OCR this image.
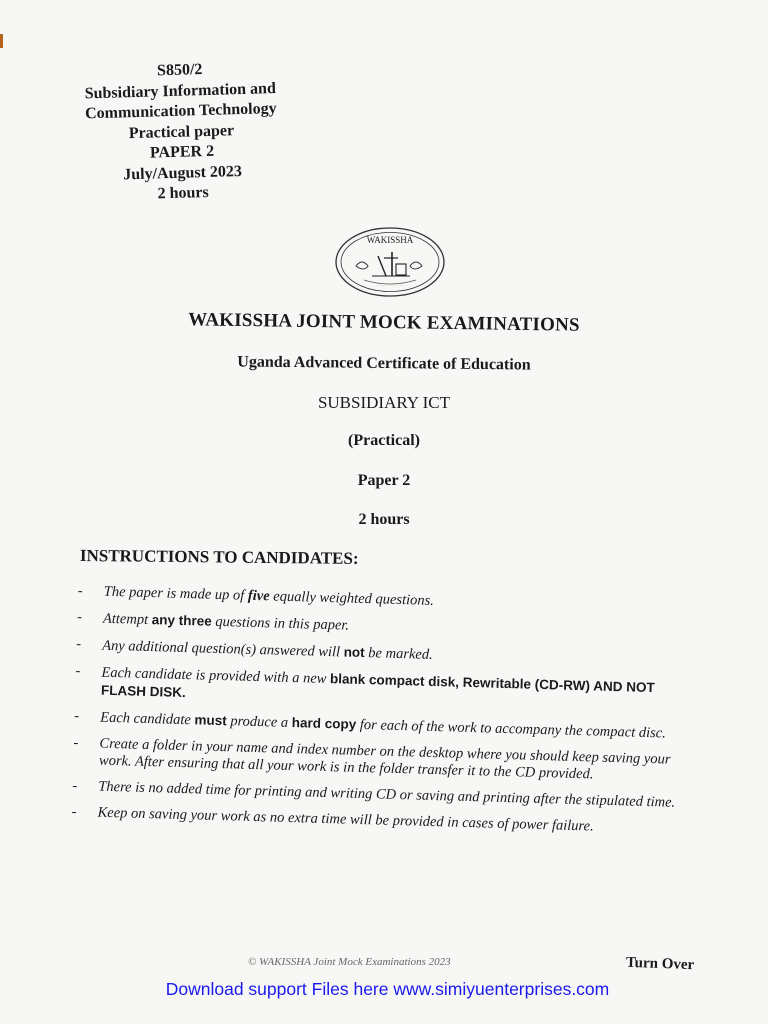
S850/2
Subsidiary Information and
Communication Technology
Practical paper
PAPER 2
July/August 2023
2 hours
WAKISSHA
· · · · · · · · · · · · ·
WAKISSHA JOINT MOCK EXAMINATIONS
Uganda Advanced Certificate of Education
SUBSIDIARY ICT
(Practical)
Paper 2
2 hours
INSTRUCTIONS TO CANDIDATES:
-	The paper is made up of five equally weighted questions.
-	Attempt any three questions in this paper.
-	Any additional question(s) answered will not be marked.
-	Each candidate is provided with a new blank compact disk, Rewritable (CD-RW) AND NOT FLASH DISK.
-	Each candidate must produce a hard copy for each of the work to accompany the compact disc.
-	Create a folder in your name and index number on the desktop where you should keep saving your work. After ensuring that all your work is in the folder transfer it to the CD provided.
-	There is no added time for printing and writing CD or saving and printing after the stipulated time.
-	Keep on saving your work as no extra time will be provided in cases of power failure.
© WAKISSHA Joint Mock Examinations 2023	Turn Over
Download support Files here www.simiyuenterprises.com
